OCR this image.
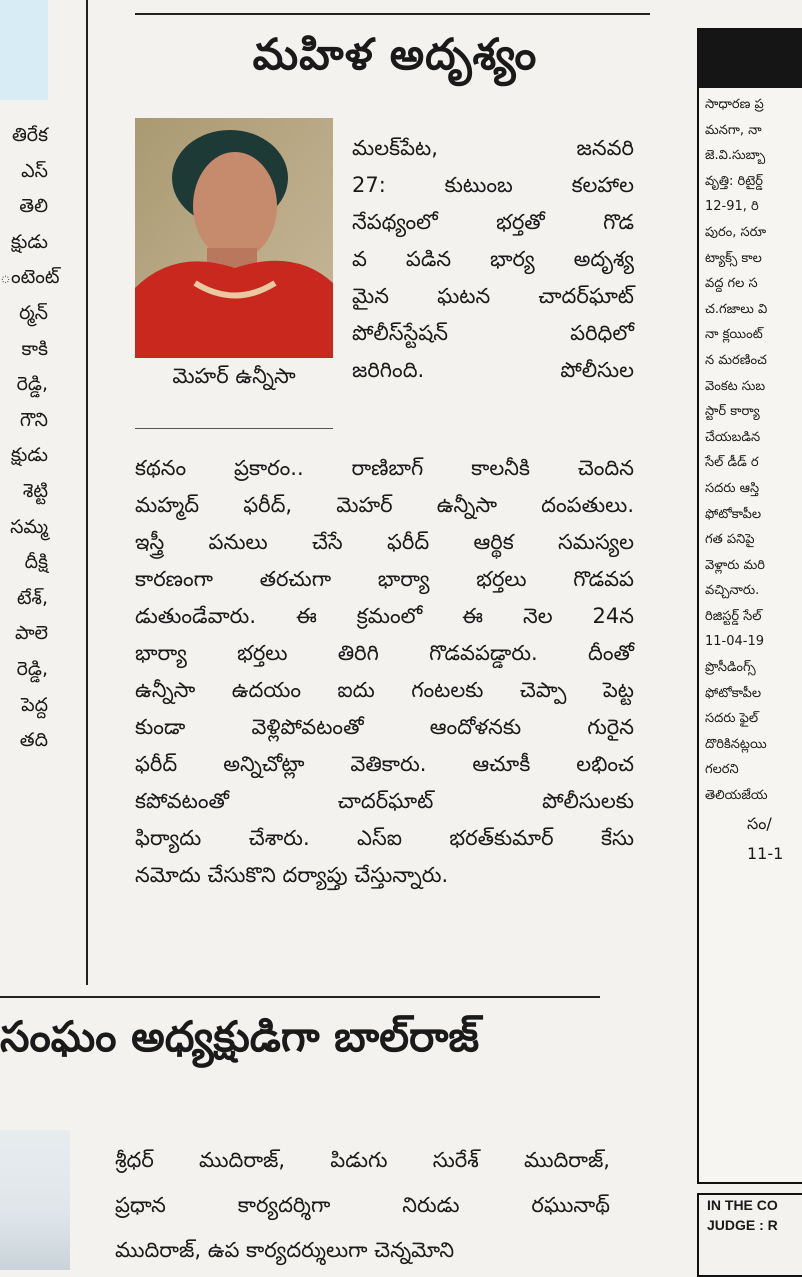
తిరేక
ఎస్
తెలి
క్షుడు
ంటెంట్
ర్మన్
కాకి
రెడ్డి,
గౌని
క్షుడు
శెట్టి
సమ్మ
దీక్షి
టేశ్,
పాలె
రెడ్డి,
పెద్ద
తది
మహిళ అదృశ్యం
మెహర్ ఉన్నీసా
మలక్‌పేట, జనవరి
27: కుటుంబ కలహాల
నేపథ్యంలో భర్తతో గొడ
వ పడిన భార్య అదృశ్య
మైన ఘటన చాదర్‌ఘాట్
పోలీస్‌స్టేషన్ పరిధిలో
జరిగింది. పోలీసుల
కథనం ప్రకారం.. రాణిబాగ్ కాలనీకి చెందిన
మహ్మద్ ఫరీద్, మెహర్ ఉన్నీసా దంపతులు.
ఇస్త్రీ పనులు చేసే ఫరీద్ ఆర్థిక సమస్యల
కారణంగా తరచుగా భార్యా భర్తలు గొడవప
డుతుండేవారు. ఈ క్రమంలో ఈ నెల 24న
భార్యా భర్తలు తిరిగి గొడవపడ్డారు. దీంతో
ఉన్నీసా ఉదయం ఐదు గంటలకు చెప్పా పెట్ట
కుండా వెళ్లిపోవటంతో ఆందోళనకు గురైన
ఫరీద్ అన్నిచోట్లా వెతికారు. ఆచూకీ లభించ
కపోవటంతో చాదర్‌ఘాట్ పోలీసులకు
ఫిర్యాదు చేశారు. ఎస్ఐ భరత్‌కుమార్ కేసు
నమోదు చేసుకొని దర్యాప్తు చేస్తున్నారు.
సంఘం అధ్యక్షుడిగా బాల్‌రాజ్
శ్రీధర్ ముదిరాజ్, పిడుగు సురేశ్ ముదిరాజ్,
ప్రధాన కార్యదర్శిగా నిరుడు రఘునాథ్
ముదిరాజ్, ఉప కార్యదర్శులుగా చెన్నమోని
సాధారణ ప్ర
మనగా, నా
జె.వి.సుబ్బా
వృత్తి: రిటైర్డ్
12-91, రి
పురం, సరూ
ట్యాక్స్ కాల
వద్ద గల స
చ.గజాలు వి
నా క్లయింట్
న మరణించ
వెంకట సుబ
స్టార్ కార్యా
చేయబడిన
సేల్ డీడ్ ర
సదరు ఆస్తి
ఫోటోకాపీల
గత పనిపై
వెళ్లారు మరి
వచ్చినారు.
రిజిస్టర్డ్ సేల్
11-04-19
ప్రొసీడింగ్స్
ఫోటోకాపీల
సదరు ఫైల్
దొరికినట్లయి
గలరని
తెలియజేయ
సం/
11-1
IN THE CO
JUDGE : R
